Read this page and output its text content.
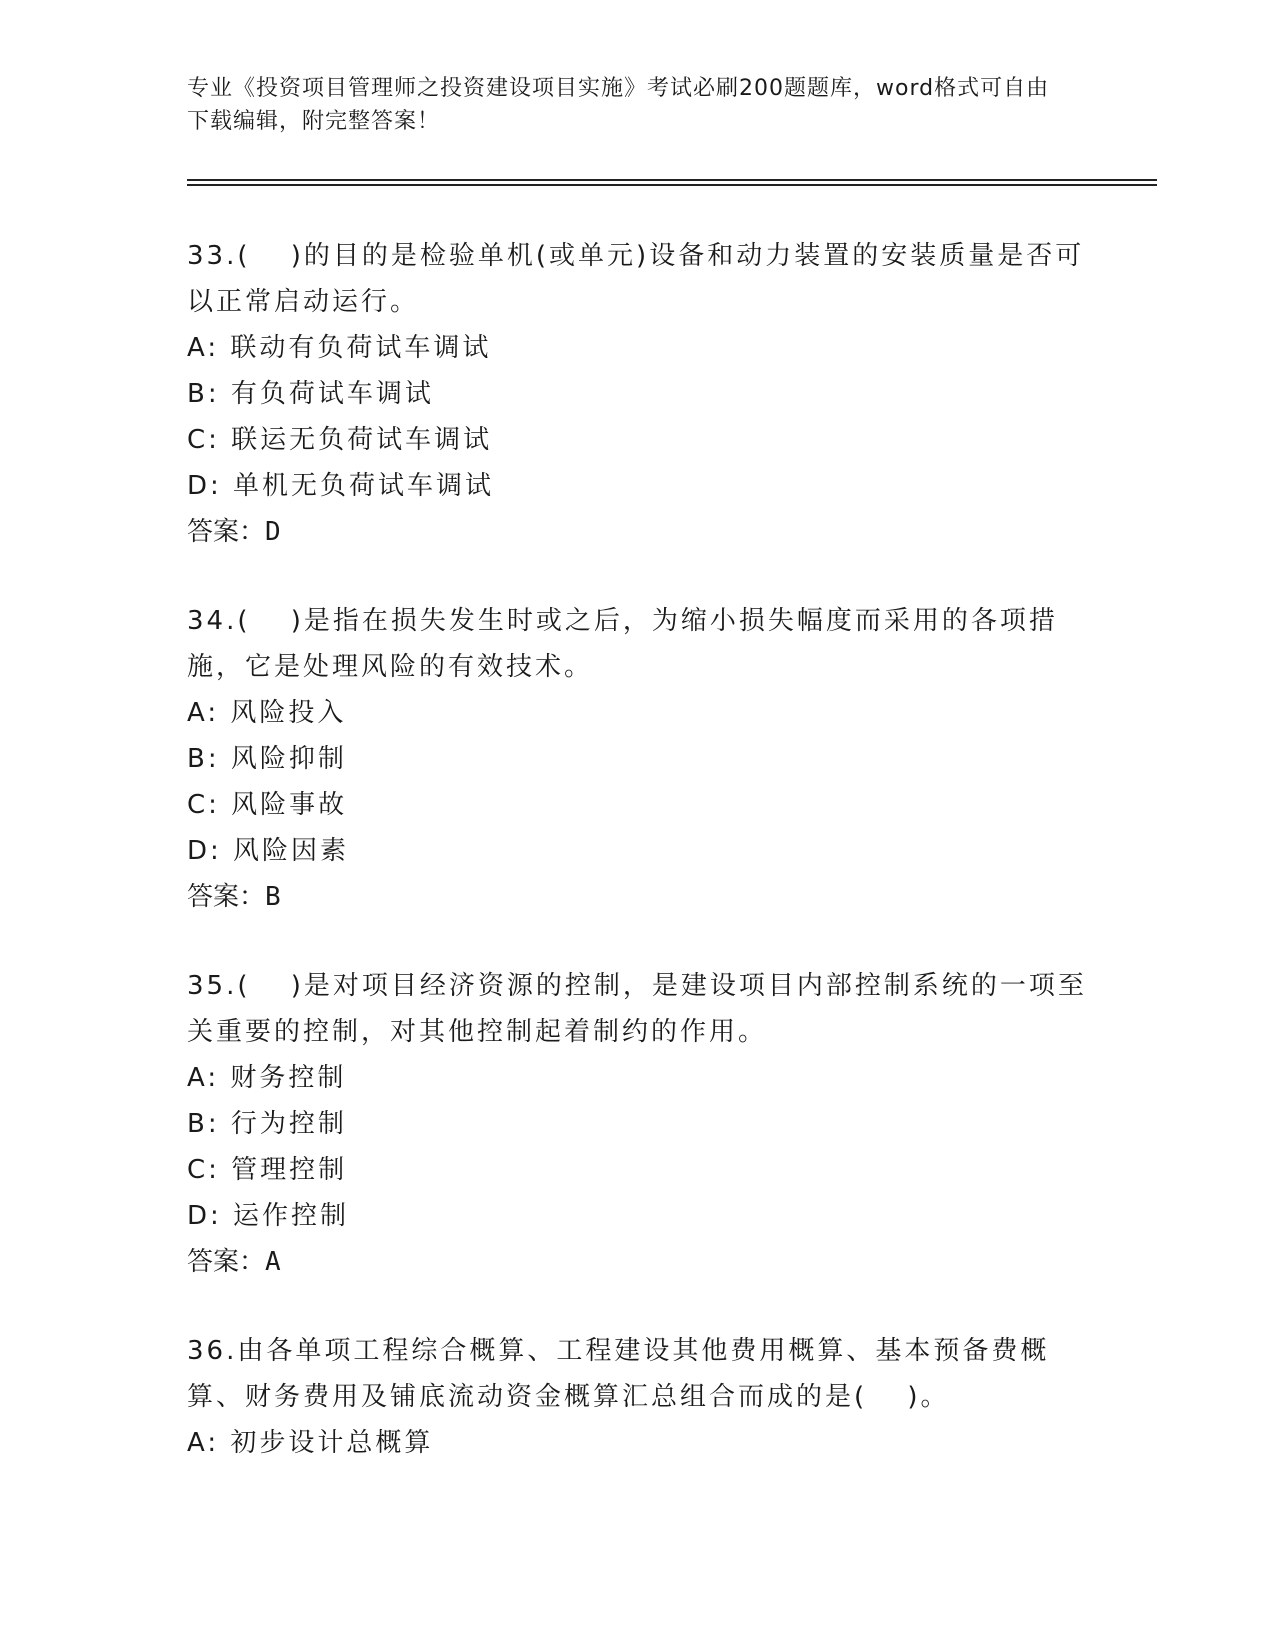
专业《投资项目管理师之投资建设项目实施》考试必刷200题题库，word格式可自由下载编辑，附完整答案！

33.(　 )的目的是检验单机(或单元)设备和动力装置的安装质量是否可以正常启动运行。

A: 联动有负荷试车调试

B: 有负荷试车调试

C: 联运无负荷试车调试

D: 单机无负荷试车调试

答案：D

34.(　 )是指在损失发生时或之后，为缩小损失幅度而采用的各项措施，它是处理风险的有效技术。

A: 风险投入

B: 风险抑制

C: 风险事故

D: 风险因素

答案：B

35.(　 )是对项目经济资源的控制，是建设项目内部控制系统的一项至关重要的控制，对其他控制起着制约的作用。

A: 财务控制

B: 行为控制

C: 管理控制

D: 运作控制

答案：A

36.由各单项工程综合概算、工程建设其他费用概算、基本预备费概算、财务费用及铺底流动资金概算汇总组合而成的是(　 )。

A: 初步设计总概算
